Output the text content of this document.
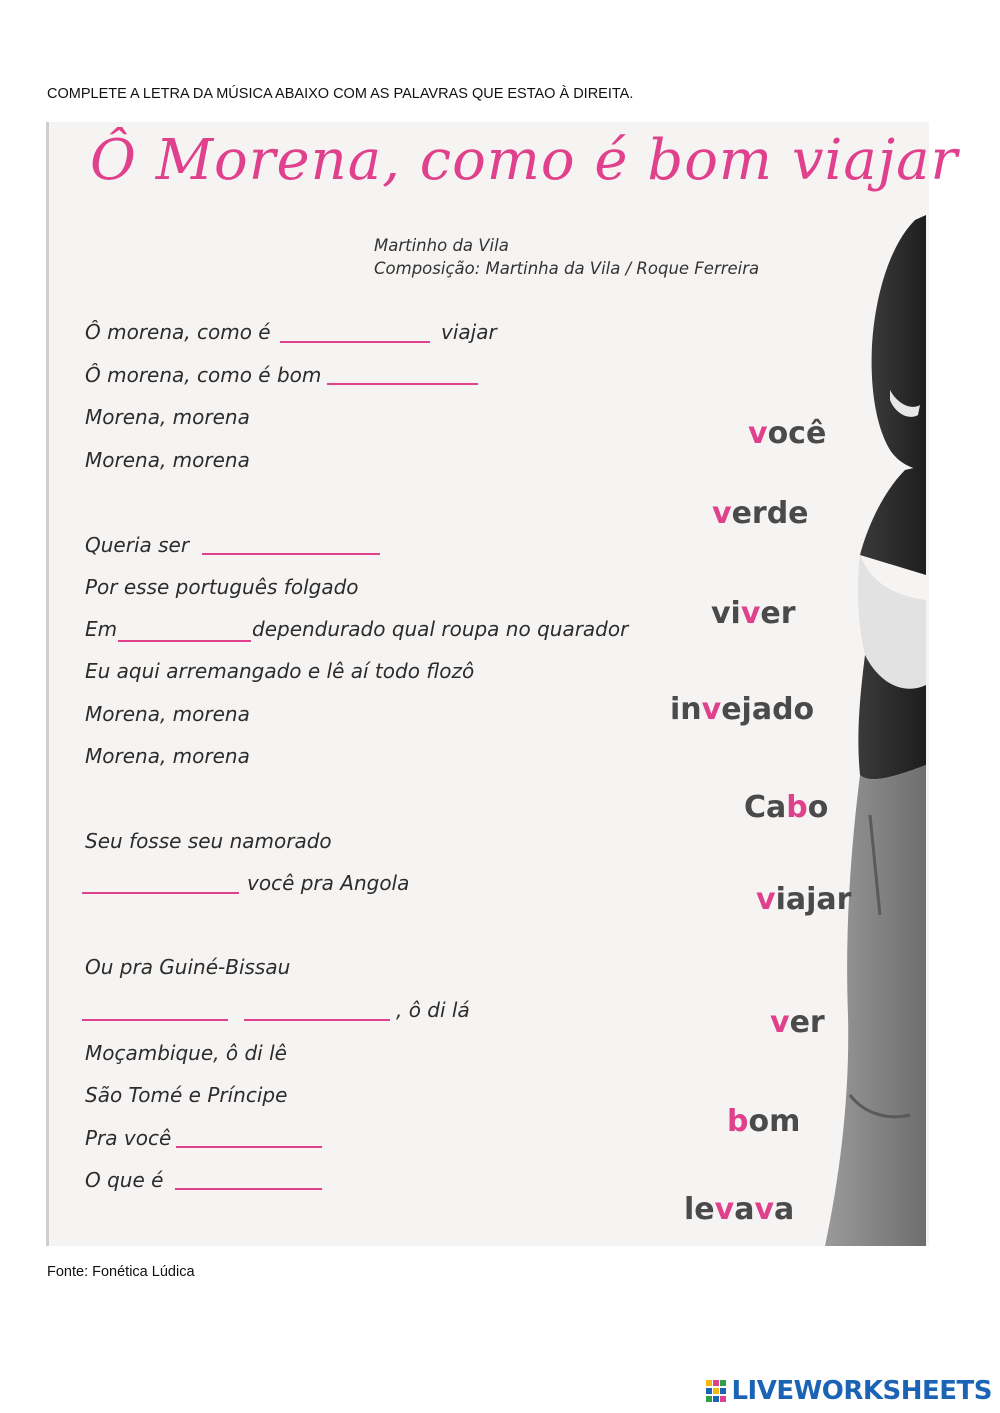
COMPLETE A LETRA DA MÚSICA ABAIXO COM AS PALAVRAS QUE ESTAO À DIREITA.
Ô Morena, como é bom viajar
Martinho da Vila
Composição: Martinha da Vila / Roque Ferreira
Ô morena, como é	viajar
Ô morena, como é bom
Morena, morena
Morena, morena
Queria ser
Por esse português folgado
Em	dependurado qual roupa no quarador
Eu aqui arremangado e lê aí todo flozô
Morena, morena
Morena, morena
Seu fosse seu namorado
você pra Angola
Ou pra Guiné-Bissau
, ô di lá
Moçambique, ô di lê
São Tomé e Príncipe
Pra você
O que é
você
verde
viver
invejado
Cabo
viajar
ver
bom
levava
Fonte: Fonética Lúdica
LIVEWORKSHEETS
